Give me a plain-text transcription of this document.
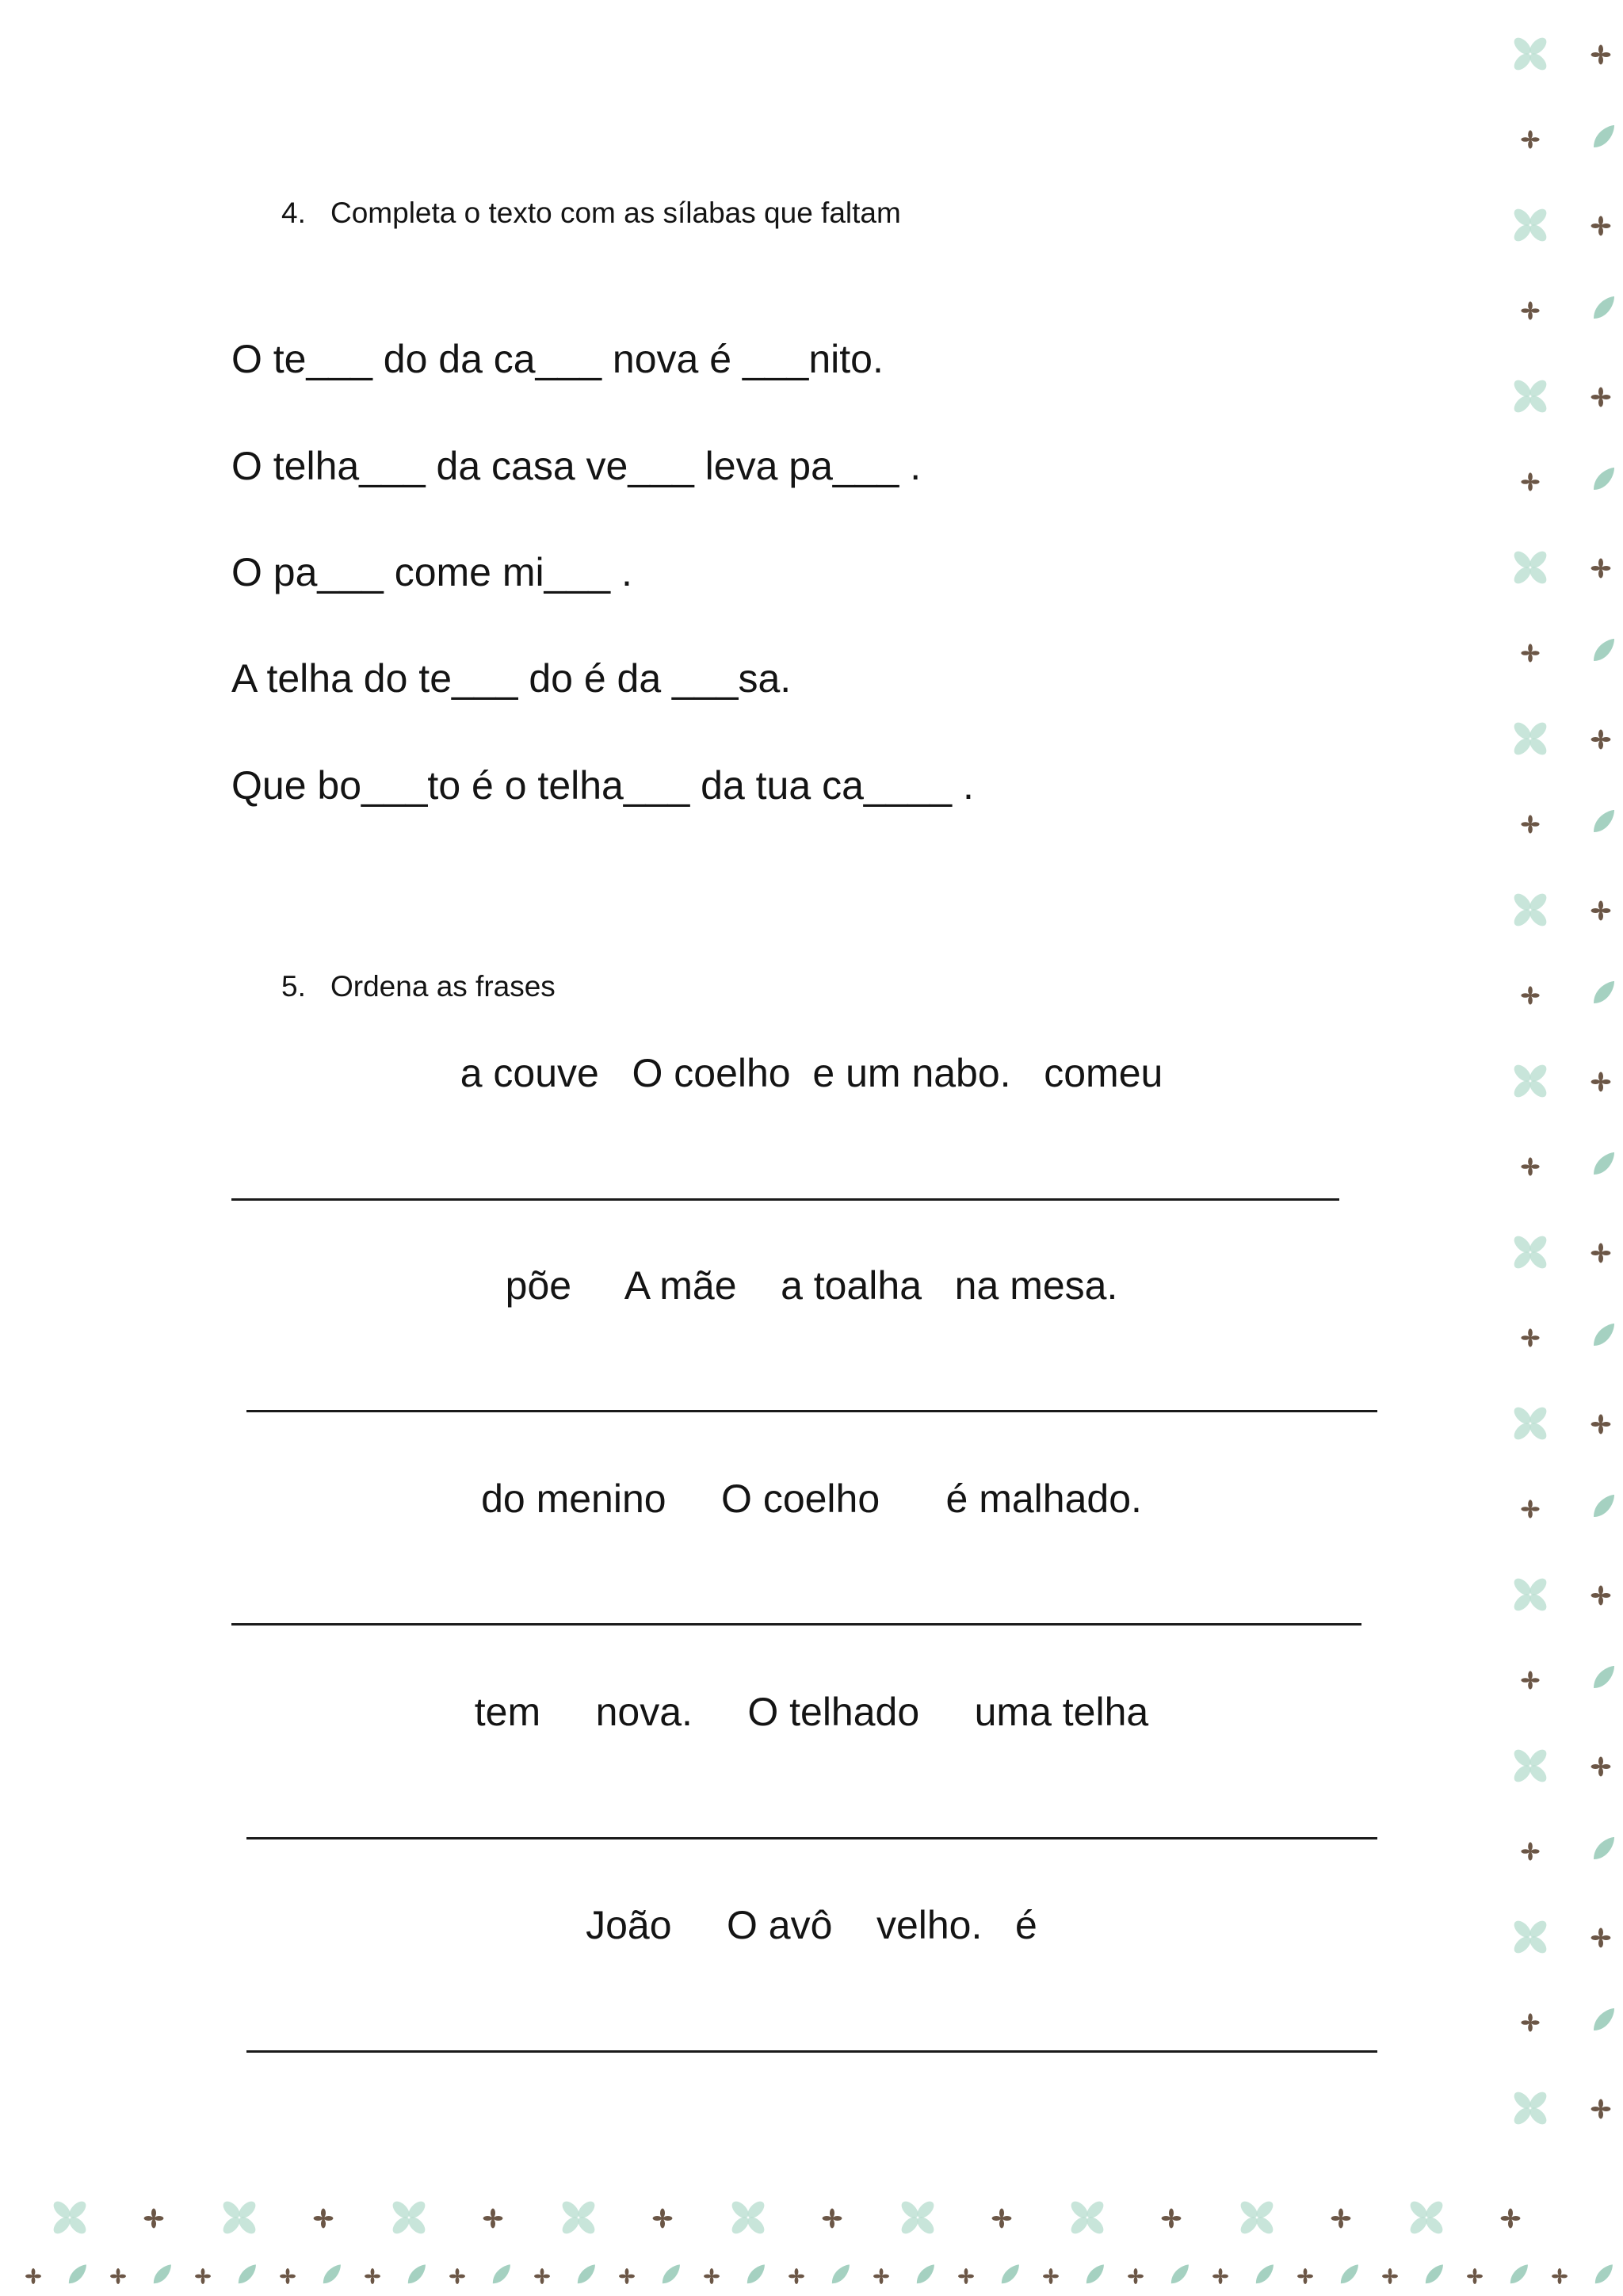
4. Completa o texto com as sílabas que faltam
O te___ do da ca___ nova é ___nito.
O telha___ da casa ve___ leva pa___ .
O pa___ come mi___ .
A telha do te___ do é da ___sa.
Que bo___to é o telha___ da tua ca____ .
5. Ordena as frases
a couve   O coelho  e um nabo.   comeu
põe     A mãe    a toalha   na mesa.
do menino     O coelho      é malhado.
tem     nova.     O telhado     uma telha
João     O avô    velho.   é
